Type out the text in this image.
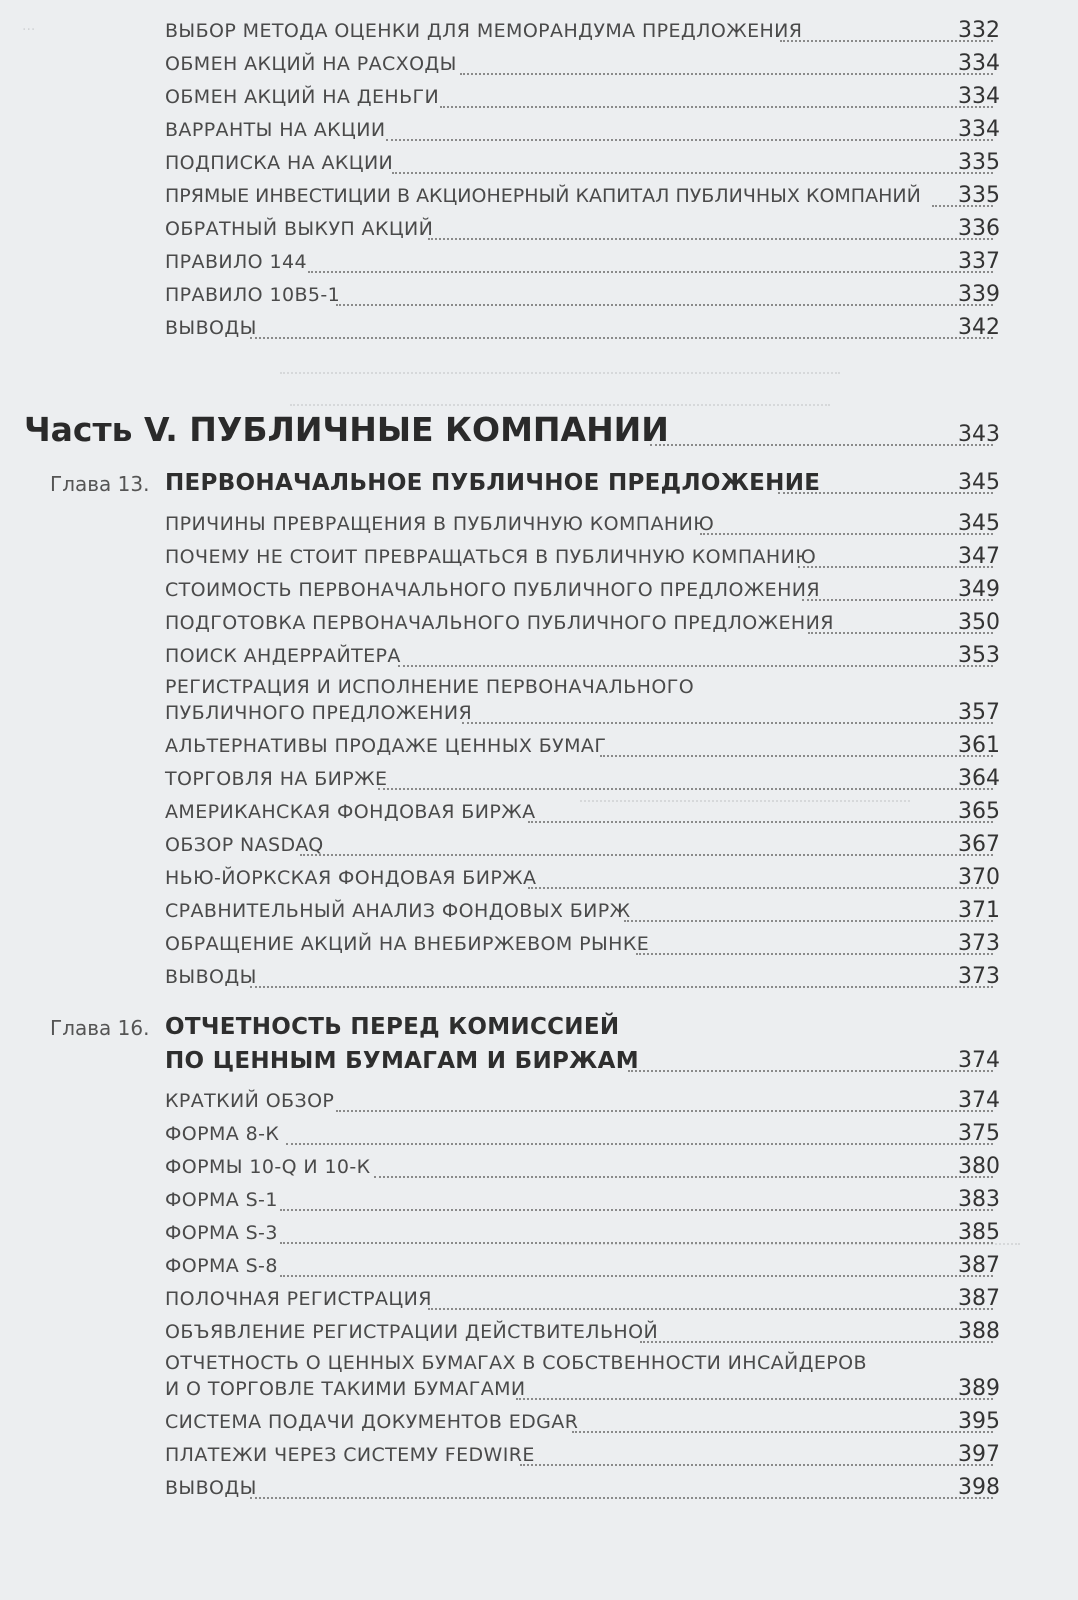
···	ВЫБОР МЕТОДА ОЦЕНКИ ДЛЯ МЕМОРАНДУМА ПРЕДЛОЖЕНИЯ	332
ОБМЕН АКЦИЙ НА РАСХОДЫ	334
ОБМЕН АКЦИЙ НА ДЕНЬГИ	334
ВАРРАНТЫ НА АКЦИИ	334
ПОДПИСКА НА АКЦИИ	335
ПРЯМЫЕ ИНВЕСТИЦИИ В АКЦИОНЕРНЫЙ КАПИТАЛ ПУБЛИЧНЫХ КОМПАНИЙ 335
ОБРАТНЫЙ ВЫКУП АКЦИЙ	336
ПРАВИЛО 144	337
ПРАВИЛО 10B5-1	339
ВЫВОДЫ	342
Часть V. ПУБЛИЧНЫЕ КОМПАНИИ	343
Глава 13. ПЕРВОНАЧАЛЬНОЕ ПУБЛИЧНОЕ ПРЕДЛОЖЕНИЕ	345
ПРИЧИНЫ ПРЕВРАЩЕНИЯ В ПУБЛИЧНУЮ КОМПАНИЮ	345
ПОЧЕМУ НЕ СТОИТ ПРЕВРАЩАТЬСЯ В ПУБЛИЧНУЮ КОМПАНИЮ	347
СТОИМОСТЬ ПЕРВОНАЧАЛЬНОГО ПУБЛИЧНОГО ПРЕДЛОЖЕНИЯ	349
ПОДГОТОВКА ПЕРВОНАЧАЛЬНОГО ПУБЛИЧНОГО ПРЕДЛОЖЕНИЯ	350
ПОИСК АНДЕРРАЙТЕРА	353
РЕГИСТРАЦИЯ И ИСПОЛНЕНИЕ ПЕРВОНАЧАЛЬНОГО
ПУБЛИЧНОГО ПРЕДЛОЖЕНИЯ	357
АЛЬТЕРНАТИВЫ ПРОДАЖЕ ЦЕННЫХ БУМАГ	361
ТОРГОВЛЯ НА БИРЖЕ	364
АМЕРИКАНСКАЯ ФОНДОВАЯ БИРЖА	365
ОБЗОР NASDAQ	367
НЬЮ-ЙОРКСКАЯ ФОНДОВАЯ БИРЖА	370
СРАВНИТЕЛЬНЫЙ АНАЛИЗ ФОНДОВЫХ БИРЖ	371
ОБРАЩЕНИЕ АКЦИЙ НА ВНЕБИРЖЕВОМ РЫНКЕ	373
ВЫВОДЫ	373
Глава 16. ОТЧЕТНОСТЬ ПЕРЕД КОМИССИЕЙ
ПО ЦЕННЫМ БУМАГАМ И БИРЖАМ	374
КРАТКИЙ ОБЗОР	374
ФОРМА 8-К	375
ФОРМЫ 10-Q И 10-К	380
ФОРМА S-1	383
ФОРМА S-3	385
ФОРМА S-8	387
ПОЛОЧНАЯ РЕГИСТРАЦИЯ	387
ОБЪЯВЛЕНИЕ РЕГИСТРАЦИИ ДЕЙСТВИТЕЛЬНОЙ	388
ОТЧЕТНОСТЬ О ЦЕННЫХ БУМАГАХ В СОБСТВЕННОСТИ ИНСАЙДЕРОВ
И О ТОРГОВЛЕ ТАКИМИ БУМАГАМИ	389
СИСТЕМА ПОДАЧИ ДОКУМЕНТОВ EDGAR	395
ПЛАТЕЖИ ЧЕРЕЗ СИСТЕМУ FEDWIRE	397
ВЫВОДЫ	398
